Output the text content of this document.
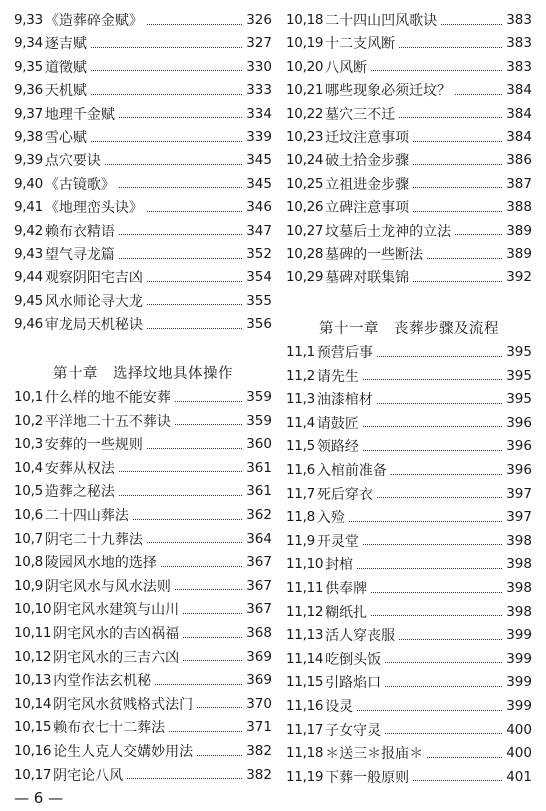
9,33 《造葬碎金赋》	326
9,34 逐吉赋	327
9,35 道徵赋	330
9,36 天机赋	333
9,37 地理千金赋	334
9,38 雪心赋	339
9,39 点穴要诀	345
9,40 《古镜歌》	345
9,41 《地理峦头诀》	346
9,42 赖布衣精语	347
9,43 望气寻龙篇	352
9,44 观察阴阳宅吉凶	354
9,45 风水师论寻大龙	355
9,46 审龙局天机秘诀	356
第十章　选择坟地具体操作
10,1 什么样的地不能安葬	359
10,2 平洋地二十五不葬诀	359
10,3 安葬的一些规则	360
10,4 安葬从权法	361
10,5 造葬之秘法	361
10,6 二十四山葬法	362
10,7 阴宅二十九葬法	364
10,8 陵园风水地的选择	367
10,9 阴宅风水与风水法则	367
10,10 阴宅风水建筑与山川	367
10,11 阴宅风水的吉凶祸福	368
10,12 阴宅风水的三吉六凶	369
10,13 内堂作法玄机秘	369
10,14 阴宅风水贫贱格式法门	370
10,15 赖布衣七十二葬法	371
10,16 论生人克人交媾妙用法	382
10,17 阴宅论八风	382
10,18 二十四山凹风歌诀	383
10,19 十二支风断	383
10,20 八风断	383
10,21 哪些现象必须迁坟？	384
10,22 墓穴三不迁	384
10,23 迁坟注意事项	384
10,24 破土拾金步骤	386
10,25 立祖进金步骤	387
10,26 立碑注意事项	388
10,27 坟墓后土龙神的立法	389
10,28 墓碑的一些断法	389
10,29 墓碑对联集锦	392
第十一章　丧葬步骤及流程
11,1 预营后事	395
11,2 请先生	395
11,3 油漆棺材	395
11,4 请鼓匠	396
11,5 领路经	396
11,6 入棺前准备	396
11,7 死后穿衣	397
11,8 入殓	397
11,9 开灵堂	398
11,10 封棺	398
11,11 供奉牌	398
11,12 糊纸扎	398
11,13 活人穿丧服	399
11,14 吃倒头饭	399
11,15 引路焰口	399
11,16 设灵	399
11,17 子女守灵	400
11,18 ＊送三＊报庙＊	400
11,19 下葬一般原则	401
— 6 —
